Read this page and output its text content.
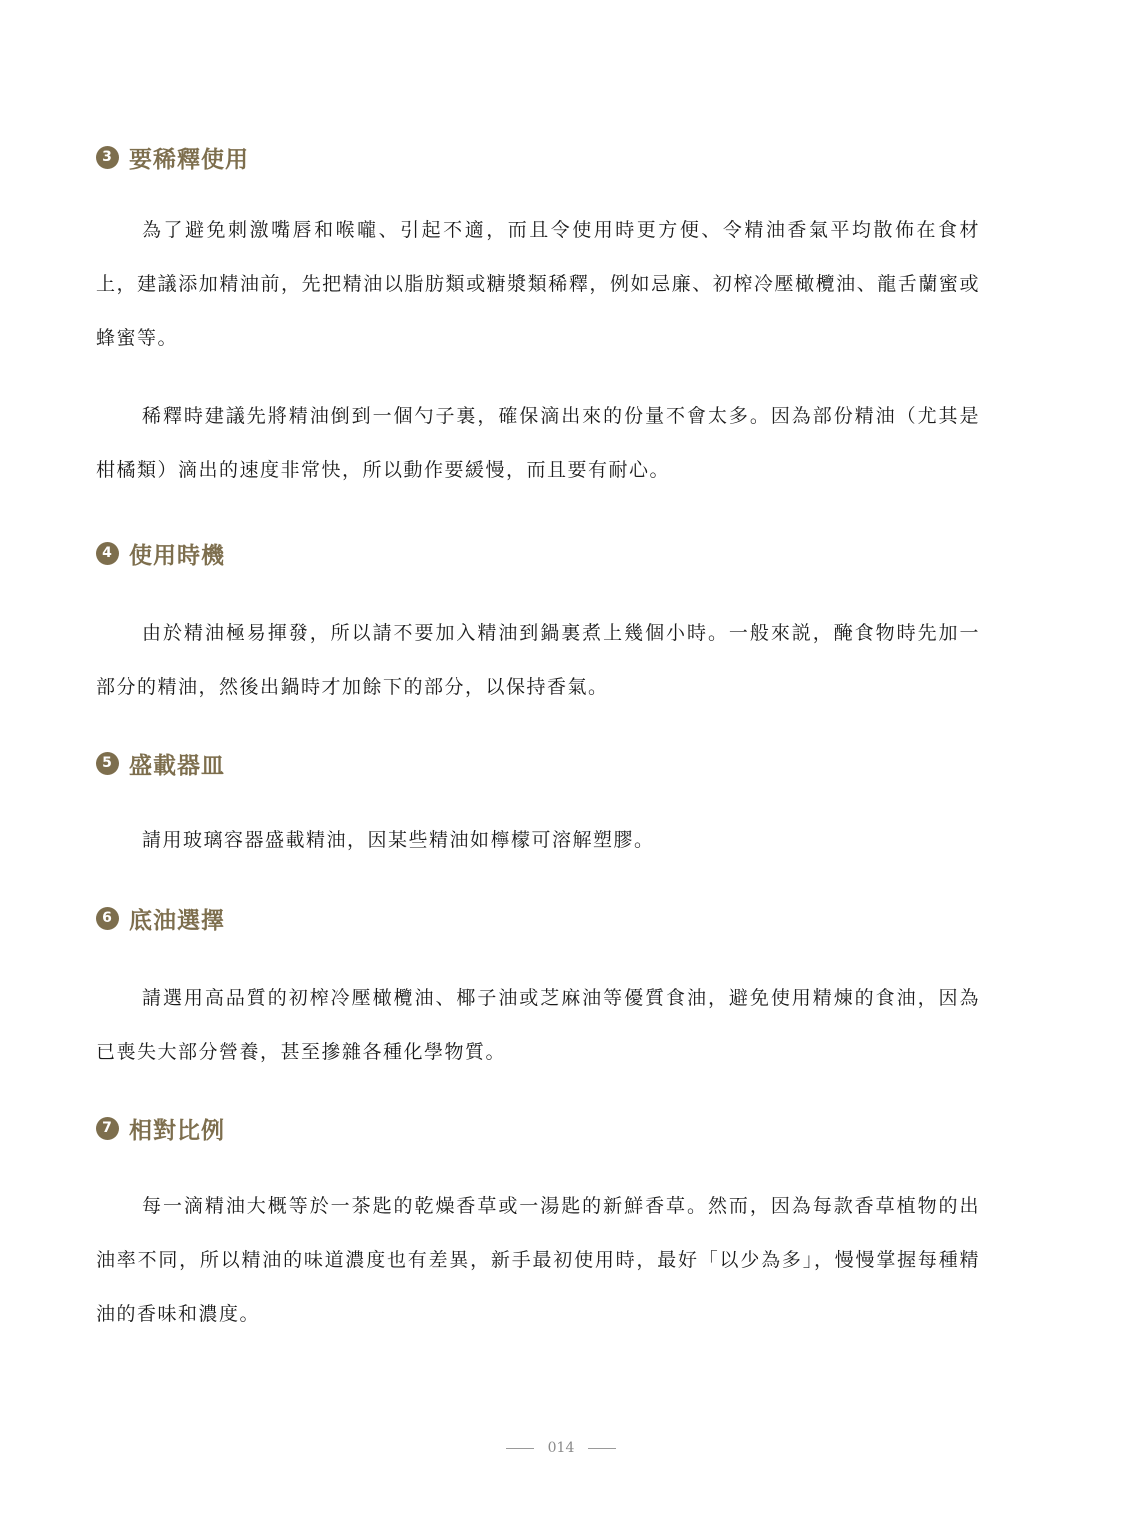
3 要稀釋使用

為了避免刺激嘴唇和喉嚨、引起不適，而且令使用時更方便、令精油香氣平均散佈在食材上，建議添加精油前，先把精油以脂肪類或糖漿類稀釋，例如忌廉、初榨冷壓橄欖油、龍舌蘭蜜或蜂蜜等。

稀釋時建議先將精油倒到一個勺子裏，確保滴出來的份量不會太多。因為部份精油（尤其是柑橘類）滴出的速度非常快，所以動作要緩慢，而且要有耐心。

4 使用時機

由於精油極易揮發，所以請不要加入精油到鍋裏煮上幾個小時。一般來説，醃食物時先加一部分的精油，然後出鍋時才加餘下的部分，以保持香氣。

5 盛載器皿

請用玻璃容器盛載精油，因某些精油如檸檬可溶解塑膠。

6 底油選擇

請選用高品質的初榨冷壓橄欖油、椰子油或芝麻油等優質食油，避免使用精煉的食油，因為已喪失大部分營養，甚至摻雜各種化學物質。

7 相對比例

每一滴精油大概等於一茶匙的乾燥香草或一湯匙的新鮮香草。然而，因為每款香草植物的出油率不同，所以精油的味道濃度也有差異，新手最初使用時，最好「以少為多」，慢慢掌握每種精油的香味和濃度。

014
